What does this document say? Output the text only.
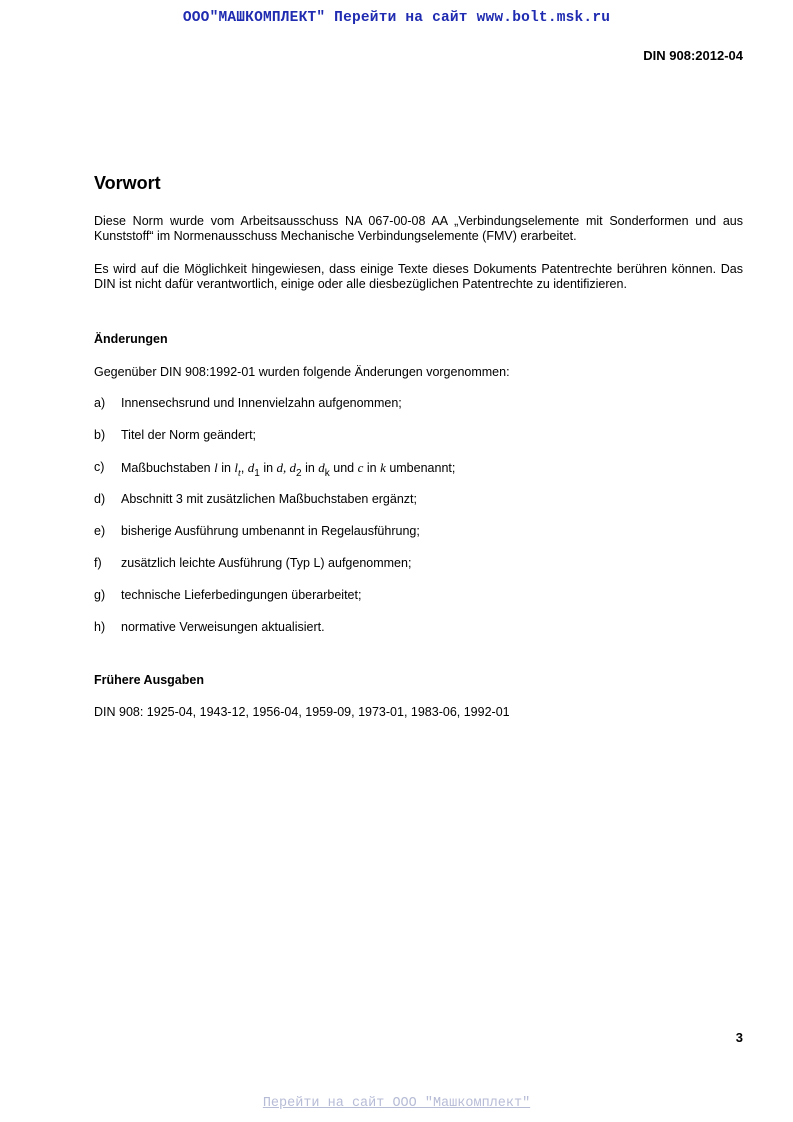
ООО"МАШКОМПЛЕКТ" Перейти на сайт www.bolt.msk.ru
DIN 908:2012-04
Vorwort

Diese Norm wurde vom Arbeitsausschuss NA 067-00-08 AA „Verbindungselemente mit Sonderformen und aus Kunststoff“ im Normenausschuss Mechanische Verbindungselemente (FMV) erarbeitet.

Es wird auf die Möglichkeit hingewiesen, dass einige Texte dieses Dokuments Patentrechte berühren können. Das DIN ist nicht dafür verantwortlich, einige oder alle diesbezüglichen Patentrechte zu identifizieren.

Änderungen

Gegenüber DIN 908:1992-01 wurden folgende Änderungen vorgenommen:

a) Innensechsrund und Innenvielzahn aufgenommen;
b) Titel der Norm geändert;
c) Maßbuchstaben l in $l_t$, $d_1$ in d, $d_2$ in $d_k$ und c in k umbenannt;
d) Abschnitt 3 mit zusätzlichen Maßbuchstaben ergänzt;
e) bisherige Ausführung umbenannt in Regelausführung;
f) zusätzlich leichte Ausführung (Typ L) aufgenommen;
g) technische Lieferbedingungen überarbeitet;
h) normative Verweisungen aktualisiert.
Frühere Ausgaben

DIN 908: 1925-04, 1943-12, 1956-04, 1959-09, 1973-01, 1983-06, 1992-01

3
Перейти на сайт ООО "Машкомплект"
